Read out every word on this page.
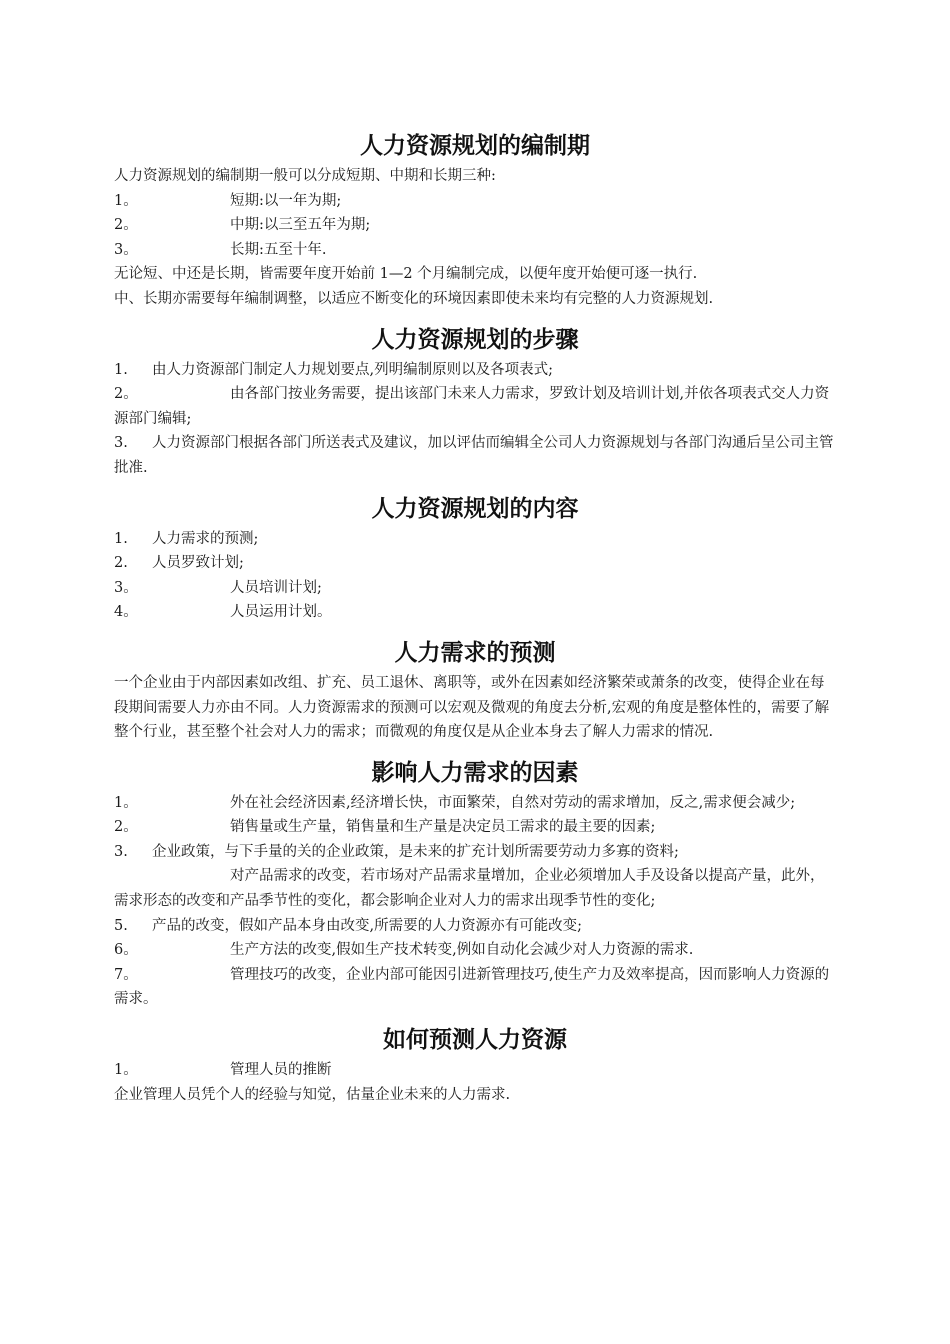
人力资源规划的编制期
人力资源规划的编制期一般可以分成短期、中期和长期三种:
1。	短期:以一年为期;
2。	中期:以三至五年为期;
3。	长期:五至十年.
无论短、中还是长期，皆需要年度开始前 1—2 个月编制完成，以便年度开始便可逐一执行.
中、长期亦需要每年编制调整，以适应不断变化的环境因素即使未来均有完整的人力资源规划.
人力资源规划的步骤
1. 由人力资源部门制定人力规划要点,列明编制原则以及各项表式;
2。	由各部门按业务需要，提出该部门未来人力需求，罗致计划及培训计划,并依各项表式交人力资源部门编辑;
3. 人力资源部门根据各部门所送表式及建议，加以评估而编辑全公司人力资源规划与各部门沟通后呈公司主管批准.
人力资源规划的内容
1. 人力需求的预测;
2. 人员罗致计划;
3。	人员培训计划;
4。	人员运用计划。
人力需求的预测
一个企业由于内部因素如改组、扩充、员工退休、离职等，或外在因素如经济繁荣或萧条的改变，使得企业在每段期间需要人力亦由不同。人力资源需求的预测可以宏观及微观的角度去分析,宏观的角度是整体性的，需要了解整个行业，甚至整个社会对人力的需求；而微观的角度仅是从企业本身去了解人力需求的情况.
影响人力需求的因素
1。	外在社会经济因素,经济增长快，市面繁荣，自然对劳动的需求增加，反之,需求便会减少;
2。	销售量或生产量，销售量和生产量是决定员工需求的最主要的因素;
3. 企业政策，与下手量的关的企业政策，是未来的扩充计划所需要劳动力多寡的资料;
对产品需求的改变，若市场对产品需求量增加，企业必须增加人手及设备以提高产量，此外，需求形态的改变和产品季节性的变化，都会影响企业对人力的需求出现季节性的变化;
5. 产品的改变，假如产品本身由改变,所需要的人力资源亦有可能改变;
6。	生产方法的改变,假如生产技术转变,例如自动化会减少对人力资源的需求.
7。	管理技巧的改变，企业内部可能因引进新管理技巧,使生产力及效率提高，因而影响人力资源的需求。
如何预测人力资源
1。	管理人员的推断
企业管理人员凭个人的经验与知觉，估量企业未来的人力需求.
